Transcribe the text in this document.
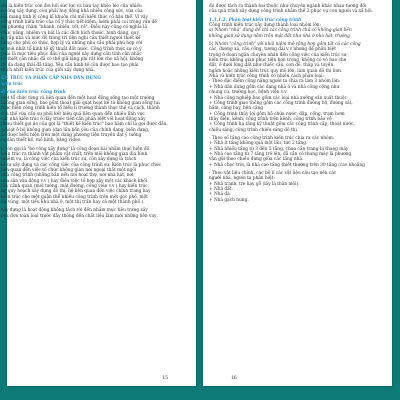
Đó là kiến trúc còn đơi hỏi sức lực và bàn tay khéo léo của nhiều
ó công xây dựng, còn phải huy động khả nhiều công sức, vừa của
lên mang tính lý công kĩ khuôn chỉ mỗi kiến thức cổ hậu thế. Vì vậy
công trình kiến trúc của cổ ý thức tiết kiệm, lườm phái coi trọng vấn đề
nh phương châm "nhanh, nhiều, tốt, rẻ". Điều này cũng có nghĩa là
chức năng, nhiêm vụ bắt là các đích kích thước, hình dáng, quy
g, cấp nhà và mức độ trang trí tiện nghi cần thiết ngưới thiết kế
hông cho phù có thức, hợp lý và những nhu cầu phải phù hợp với
ư, mới nhất tổ kinh tế kỹ thuật đất nước. Công trình thực sự có ý
phải là mục tiêu phục đầu của người xây dựng cần tính cân nhắc
về thiết cân nhắc đã có thể giữ lặng phí rất lớn cho xã hội, không
đó đa dạng thái đã tăng. Yêu cầu kinh tế còn được bao tạo phải
thích nhất kiến trúc của giới xây dựng nhà.
ẾN TRÚC VÀ PHÂN CẤP NHÀ DÂN DỤNG
kiến trúc
ổi của kiến trúc công trình
một tổ chức từng và liên quan đến một hoạt động sống tạo một trường
không gian sống, bao gồm thoát giải quạt hoạt kể từ không gian sống tại
thực hiện công trình kiến tổ hiểu lí trường thành thực thế và cách, thành
của thế vừa cấu sự phối kết hiệu quả liên quan đến nhiều lĩnh vực
các nhà kiến trúc ở đây trước tiên cần phân biệt với hoạt động xây
nhau thiết gọi ảo của gọi là "thiết kế kiến trúc" bao hàm chỉ là gọi được đầu,
g hoạt ở bộ không gian (dạo lần bốn yêu của chính đang, biến dạng,
và được biểu hiện trên một dạng phương tiện truyền đạt ý tưởng
tu dàn thiết kế, mô hình, bảng video.
ó còn gọi là "bó công xây dựng" là công đoạn bài nhằm thực hiện đồ
kiến trúc ra thành vật phẩm vật chất, trên môi không gian địa hình
nhiệm vụ, là công việc của kiến trúc sư, còn xây dựng là trách
kĩ sư xây dựng và các công việc của công trình sư. Kiến trúc là phục chức
liên quan đến việc tổ chức không gian nơi ngoại thất một ngôi
nhà công trình (những bản nền nơi hoạt thự, nơi nhà hát, nơi
nha sản vừa động v.v ) hay điều việc tổ hợp xây một các khách khối
vây cảnh quan (mới tường, mặt đường, công viên v.v ) hay kiến trúc
ng quy hoạch xây dựng đô thị, hệ liên quan đến việc chỉnh trang hay
kiến trúc cho một quận thể nhiều công trình trên một góc phố, một
ng vùng, một tiểu khu nhà ở, một thị trấn hay cả một thành phố ).
xây dựng là hoạt động không tách rời đến nhằm mục tiêu trang xây
của đơn toàn loại trước đây thông đến chất liệu làm mới những liên vay
15
đó được tách ra thành hai thuộc như chuyên ngành khác nhau tương đối
của quá trình xây dựng công trình nhằm thể 2 phục vụ con người và xã hội.
1.3.1.2. Phân loại kiến trúc công trình
Công trình kiến trúc xây dựng thành loại nhóm lớn:
a) Nhóm "nhà" dùng để chỉ các công trình chủ có không gian bên
không gian sử dụng nằm trên mặt đất như nhà ở nhà hát, trường
b) Nhóm "công trình" với khái niệm mở rộng hơn gồm tất cả các công
các, đường xá, cầu cống, tượng đài v.v nhưng để phân biệt
trọng ở đoạn ngắn chuyên nhân đến công việc của kiến trúc sư
kiến trúc không gian phục tiện hơn trọng, không có vỏ bao che
đất, ở dưới lòng đất như chiếc cầu, con đê, thấp và tuyến
ngắm hoặc những kiến trúc quy mô lớn, làm quan đô thị hơn.
Nhà và kiến trúc công trình có nhiều cách phân loại:
- Theo đặc điểm công năng người ta chia ra làm 3 nhóm lớn:
+ Nhà dân dụng gồm các dạng nhà ở và nhà công cộng như
chung cư, trường học, bệnh viện v.v
+ Nhà công nghiệp bao gồm các loại nhà xưởng sản xuất thuộc
+ Công trình giao thông gồm các công trình đường bộ, đường sắt,
hầm, cảng bay, bến cảng
+ Công trình thủy lợi gồm hồ chứa nước, đập, cống, trạm bơm
thủy điện, kênh, công trình trên kênh, công trình bảo vệ
+ Công trình hạ tầng kỹ thuật gồm các công trình cấp, thoát nước,
chiếu sáng, công trình chiếu sáng đô thị.
- Theo số tầng cao công trình kiến trúc chia ra các nhóm:
+ Nhà ít tầng không quá một lầu, tức 2 tầng.
+ Nhà nhiều tầng từ 3 đến 5 tầng, chưa cần trang bị thang máy
+ Nhà cao tầng từ 7 tầng trở lên, đã cần có thang máy là phương
vận gửi theo chiều đứng giữa các tầng nhà.
+ Nhà chọc trời, là nhà cao tầng thiết thường trên 30 tầng (cao khoảng
- Theo vật liệu chính, các bộ lí các vật liệu cấu tạo nên các
người nhà, người ta phân biệt:
+ Nhà tranh, tre hay gỗ (lây lá thân mỏi).
+ Nhà đất.
+ Nhà đá.
+ Nhà gạch nung.
16
